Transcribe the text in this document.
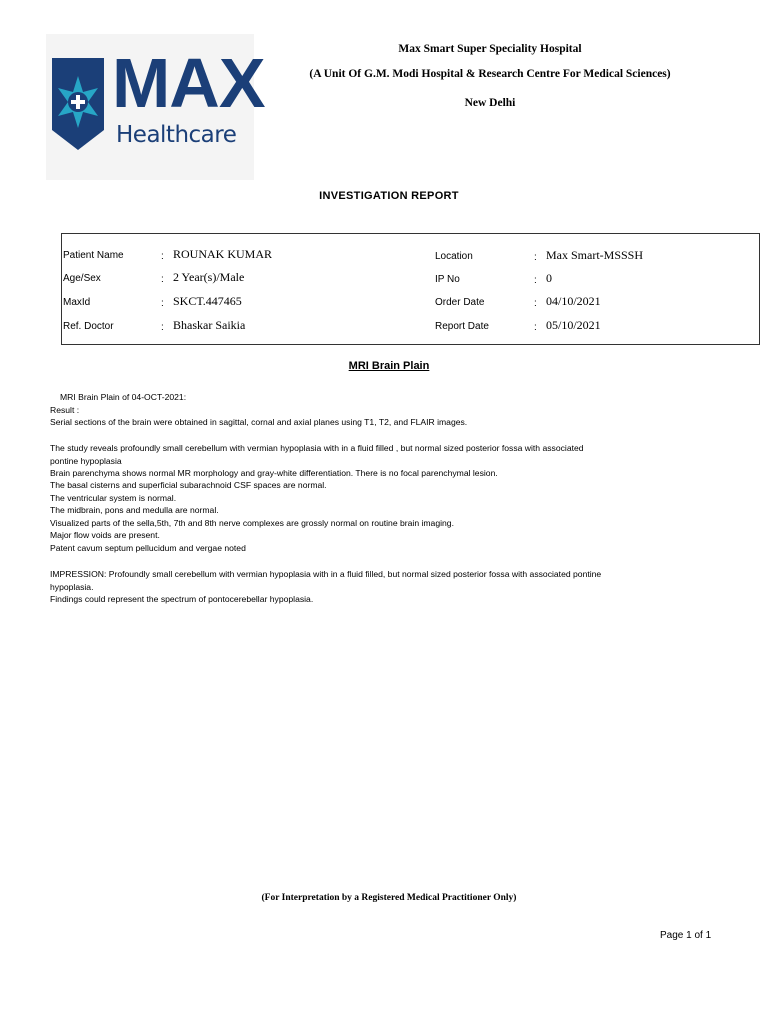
MAX
Healthcare
Max Smart Super Speciality Hospital
(A Unit Of G.M. Modi Hospital & Research Centre For Medical Sciences)
New Delhi
INVESTIGATION REPORT
Patient Name	: ROUNAK KUMAR
Age/Sex	: 2 Year(s)/Male
MaxId	: SKCT.447465
Ref. Doctor	: Bhaskar Saikia
Location	: Max Smart-MSSSH
IP No	: 0
Order Date	: 04/10/2021
Report Date	: 05/10/2021
MRI Brain Plain
MRI Brain Plain of 04-OCT-2021:
Result :
Serial sections of the brain were obtained in sagittal, cornal and axial planes using T1, T2, and FLAIR images.
The study reveals profoundly small cerebellum with vermian hypoplasia with in a fluid filled , but normal sized posterior fossa with associated
pontine hypoplasia
Brain parenchyma shows normal MR morphology and gray-white differentiation. There is no focal parenchymal lesion.
The basal cisterns and superficial subarachnoid CSF spaces are normal.
The ventricular system is normal.
The midbrain, pons and medulla are normal.
Visualized parts of the sella,5th, 7th and 8th nerve complexes are grossly normal on routine brain imaging.
Major flow voids are present.
Patent cavum septum pellucidum and vergae noted
IMPRESSION: Profoundly small cerebellum with vermian hypoplasia with in a fluid filled, but normal sized posterior fossa with associated pontine
hypoplasia.
Findings could represent the spectrum of pontocerebellar hypoplasia.
(For Interpretation by a Registered Medical Practitioner Only)
Page 1 of 1
